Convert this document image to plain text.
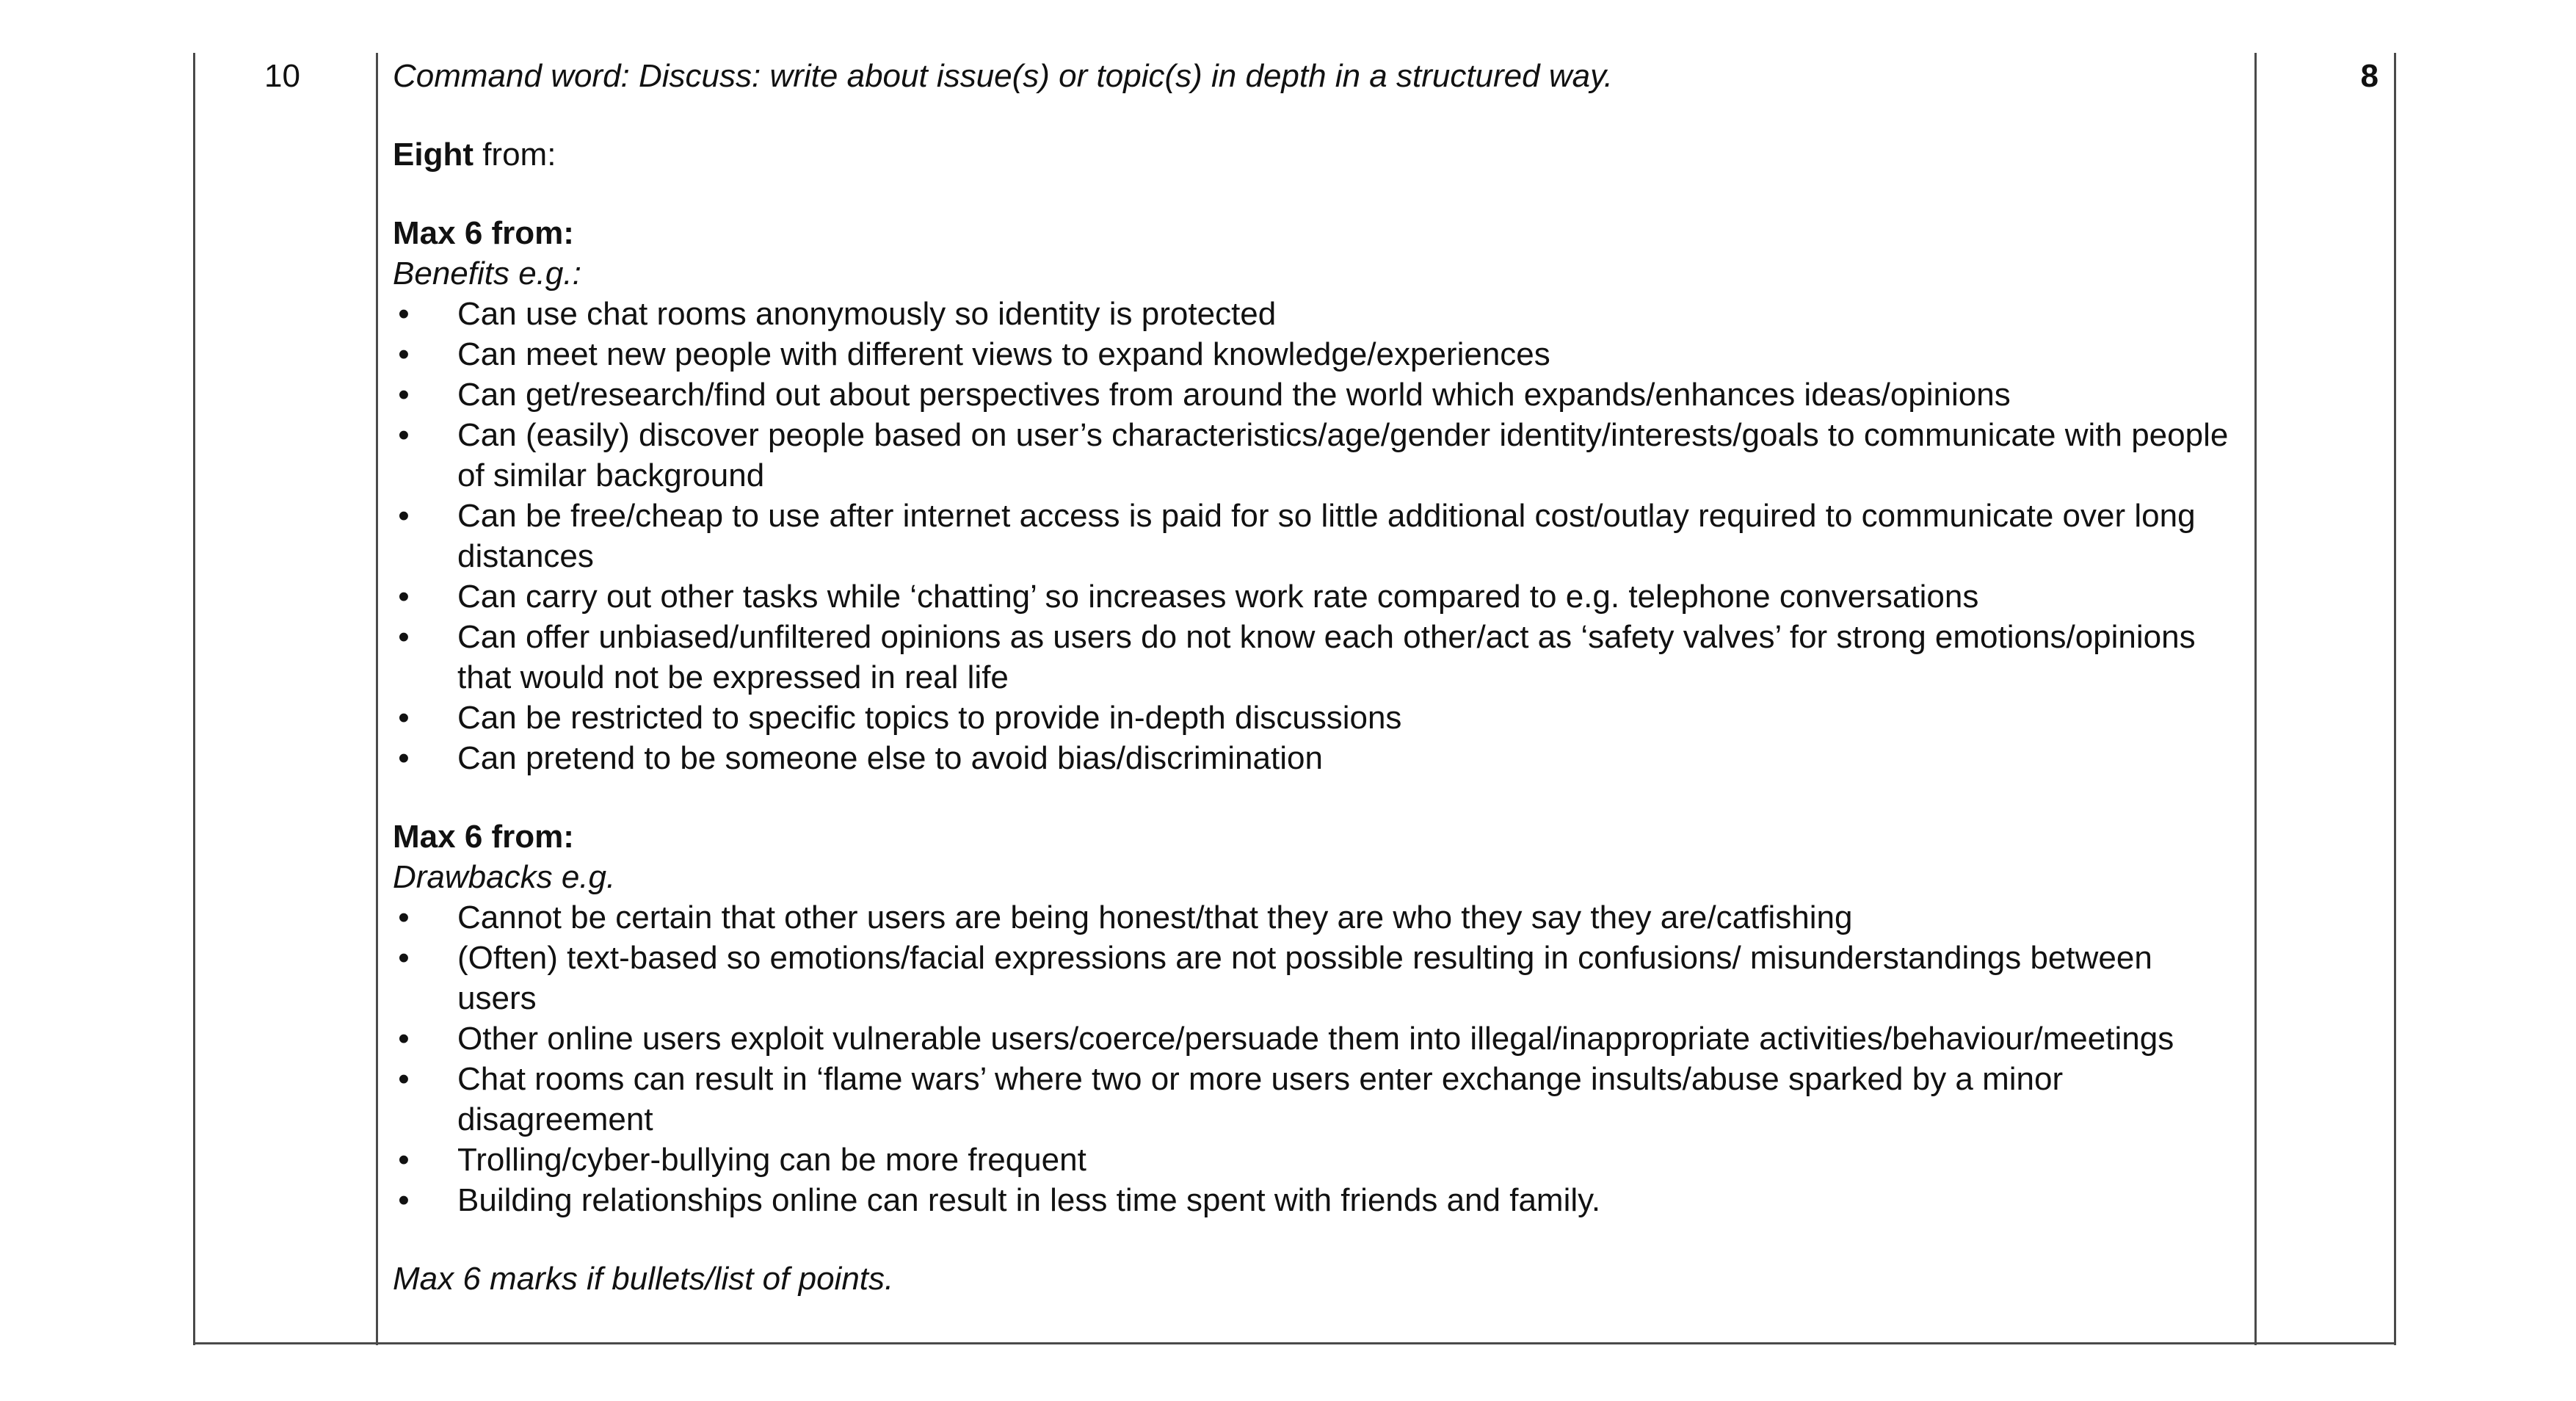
10	8

Command word: Discuss: write about issue(s) or topic(s) in depth in a structured way.

Eight from:

Max 6 from:

Benefits e.g.:

• Can use chat rooms anonymously so identity is protected
• Can meet new people with different views to expand knowledge/experiences
• Can get/research/find out about perspectives from around the world which expands/enhances ideas/opinions
• Can (easily) discover people based on user’s characteristics/age/gender identity/interests/goals to communicate with people of similar background
• Can be free/cheap to use after internet access is paid for so little additional cost/outlay required to communicate over long distances
• Can carry out other tasks while ‘chatting’ so increases work rate compared to e.g. telephone conversations
• Can offer unbiased/unfiltered opinions as users do not know each other/act as ‘safety valves’ for strong emotions/opinions that would not be expressed in real life
• Can be restricted to specific topics to provide in-depth discussions
• Can pretend to be someone else to avoid bias/discrimination

Max 6 from:

Drawbacks e.g.

• Cannot be certain that other users are being honest/that they are who they say they are/catfishing
• (Often) text-based so emotions/facial expressions are not possible resulting in confusions/ misunderstandings between users
• Other online users exploit vulnerable users/coerce/persuade them into illegal/inappropriate activities/behaviour/meetings
• Chat rooms can result in ‘flame wars’ where two or more users enter exchange insults/abuse sparked by a minor disagreement
• Trolling/cyber-bullying can be more frequent
• Building relationships online can result in less time spent with friends and family.

Max 6 marks if bullets/list of points.
